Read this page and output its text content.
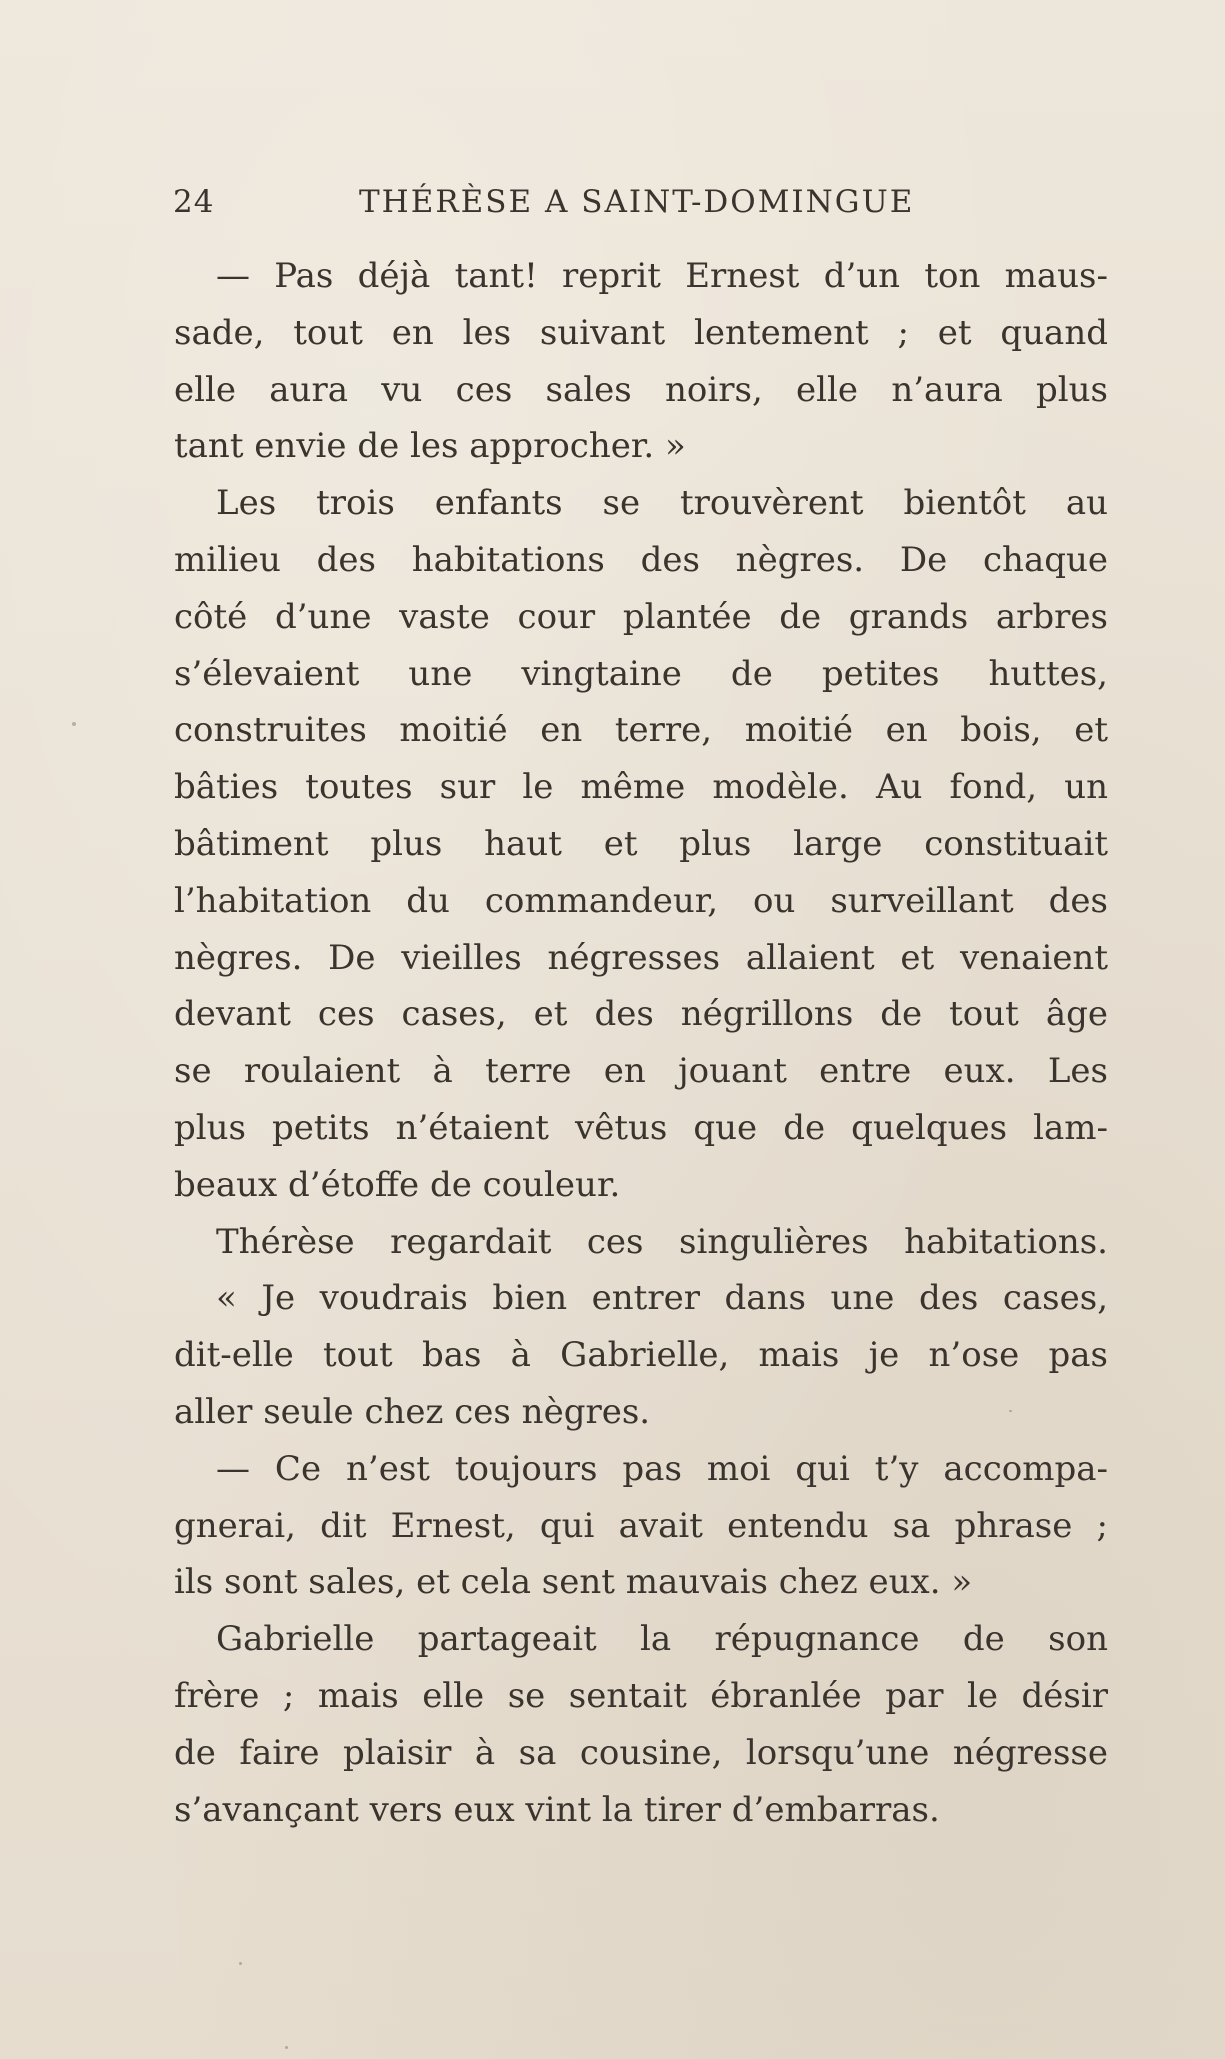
24	THÉRÈSE A SAINT-DOMINGUE
— Pas déjà tant! reprit Ernest d’un ton maus-
sade, tout en les suivant lentement ; et quand
elle aura vu ces sales noirs, elle n’aura plus
tant envie de les approcher. »
Les trois enfants se trouvèrent bientôt au
milieu des habitations des nègres. De chaque
côté d’une vaste cour plantée de grands arbres
s’élevaient une vingtaine de petites huttes,
construites moitié en terre, moitié en bois, et
bâties toutes sur le même modèle. Au fond, un
bâtiment plus haut et plus large constituait
l’habitation du commandeur, ou surveillant des
nègres. De vieilles négresses allaient et venaient
devant ces cases, et des négrillons de tout âge
se roulaient à terre en jouant entre eux. Les
plus petits n’étaient vêtus que de quelques lam-
beaux d’étoffe de couleur.
Thérèse regardait ces singulières habitations.
« Je voudrais bien entrer dans une des cases,
dit-elle tout bas à Gabrielle, mais je n’ose pas
aller seule chez ces nègres.
— Ce n’est toujours pas moi qui t’y accompa-
gnerai, dit Ernest, qui avait entendu sa phrase ;
ils sont sales, et cela sent mauvais chez eux. »
Gabrielle partageait la répugnance de son
frère ; mais elle se sentait ébranlée par le désir
de faire plaisir à sa cousine, lorsqu’une négresse
s’avançant vers eux vint la tirer d’embarras.
